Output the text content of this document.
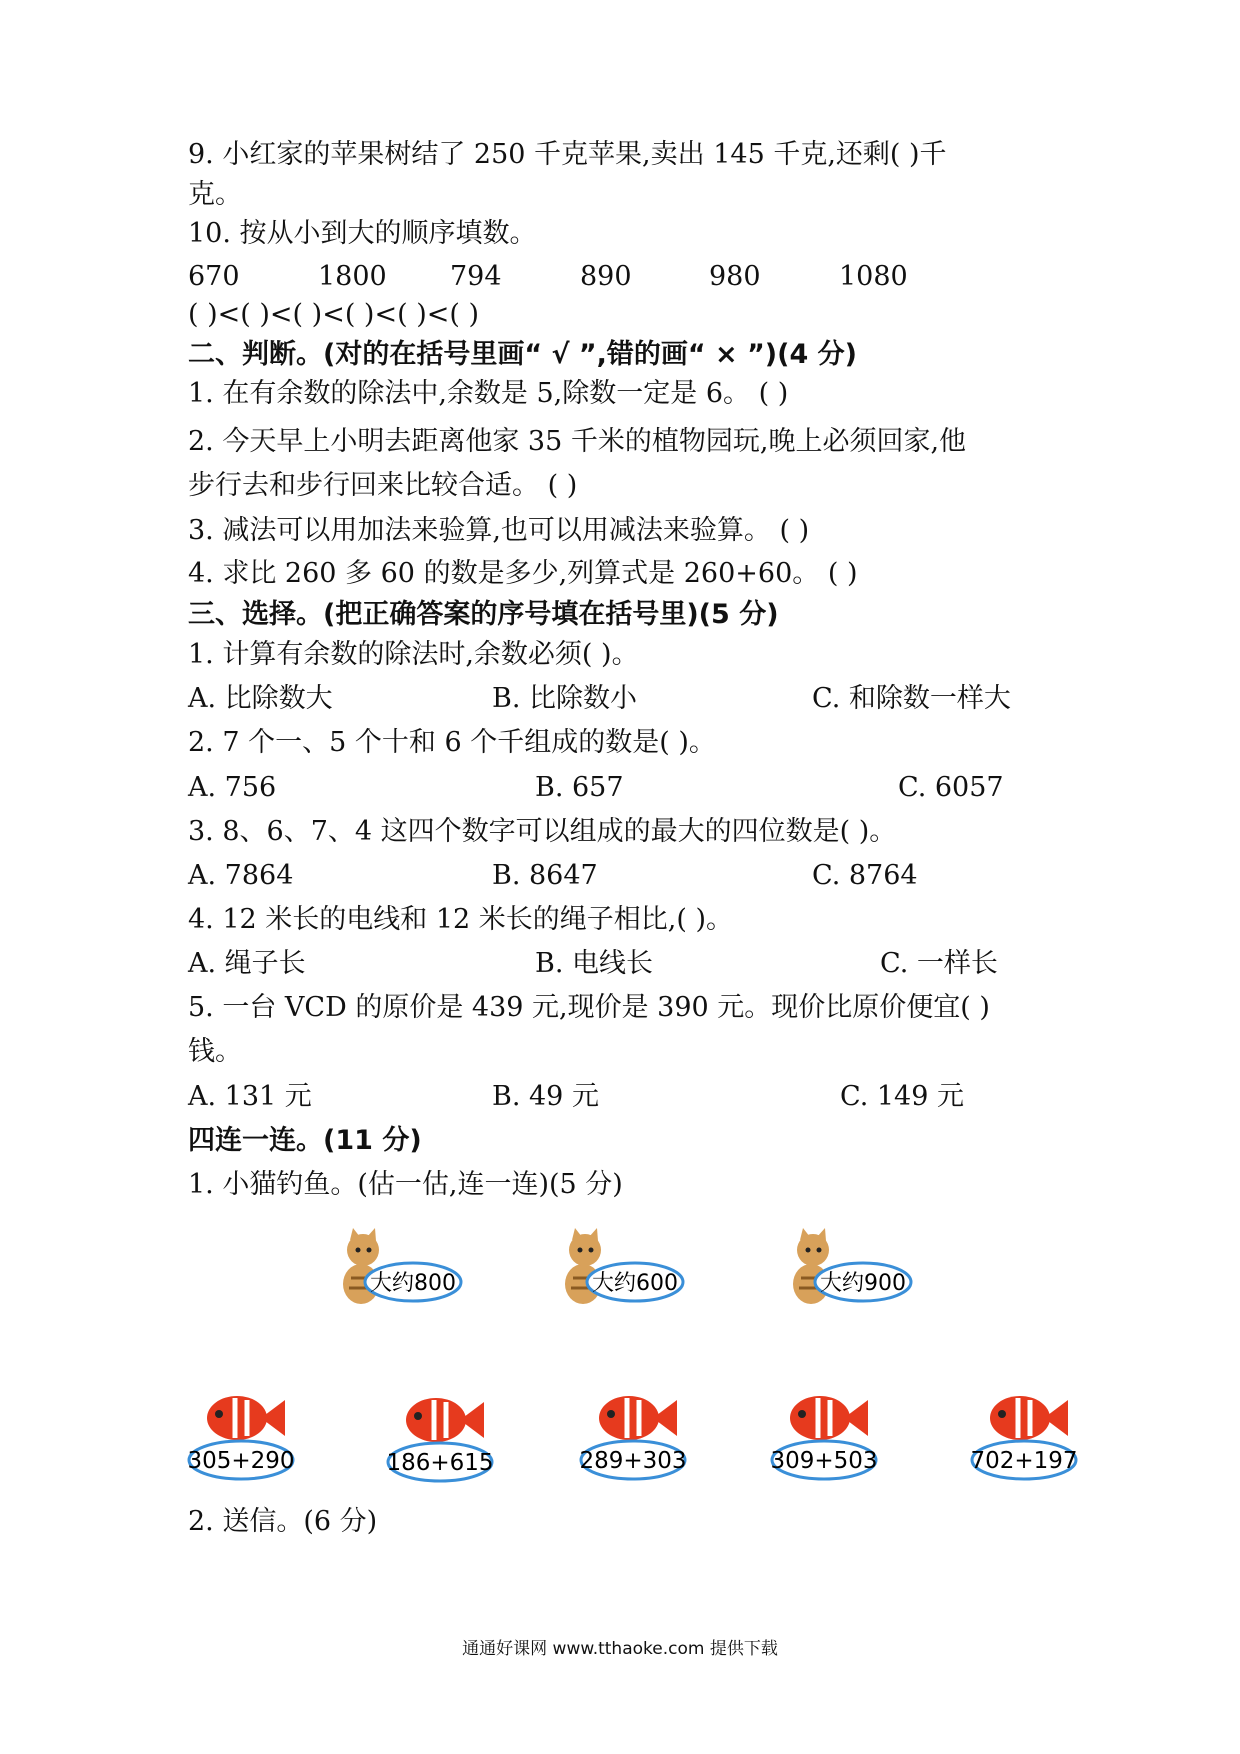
9. 小红家的苹果树结了 250 千克苹果,卖出 145 千克,还剩( )千
克。
10. 按从小到大的顺序填数。
670	1800 794	890	980	1080
( )<( )<( )<( )<( )<( )
二、判断。(对的在括号里画“ √ ”,错的画“ × ”)(4 分)
1. 在有余数的除法中,余数是 5,除数一定是 6。 ( )
2. 今天早上小明去距离他家 35 千米的植物园玩,晚上必须回家,他
步行去和步行回来比较合适。 ( )
3. 减法可以用加法来验算,也可以用减法来验算。 ( )
4. 求比 260 多 60 的数是多少,列算式是 260+60。 ( )
三、选择。(把正确答案的序号填在括号里)(5 分)
1. 计算有余数的除法时,余数必须( )。
A. 比除数大	B. 比除数小	C. 和除数一样大
2. 7 个一、5 个十和 6 个千组成的数是( )。
A. 756	B. 657	C. 6057
3. 8、6、7、4 这四个数字可以组成的最大的四位数是( )。
A. 7864	B. 8647	C. 8764
4. 12 米长的电线和 12 米长的绳子相比,( )。
A. 绳子长	B. 电线长	C. 一样长
5. 一台 VCD 的原价是 439 元,现价是 390 元。现价比原价便宜( )
钱。
A. 131 元	B. 49 元	C. 149 元
四连一连。(11 分)
1. 小猫钓鱼。(估一估,连一连)(5 分)
大约800	大约600	大约900
305+290	186+615	289+303	309+503	702+197
2. 送信。(6 分)
通通好课网 www.tthaoke.com 提供下载
